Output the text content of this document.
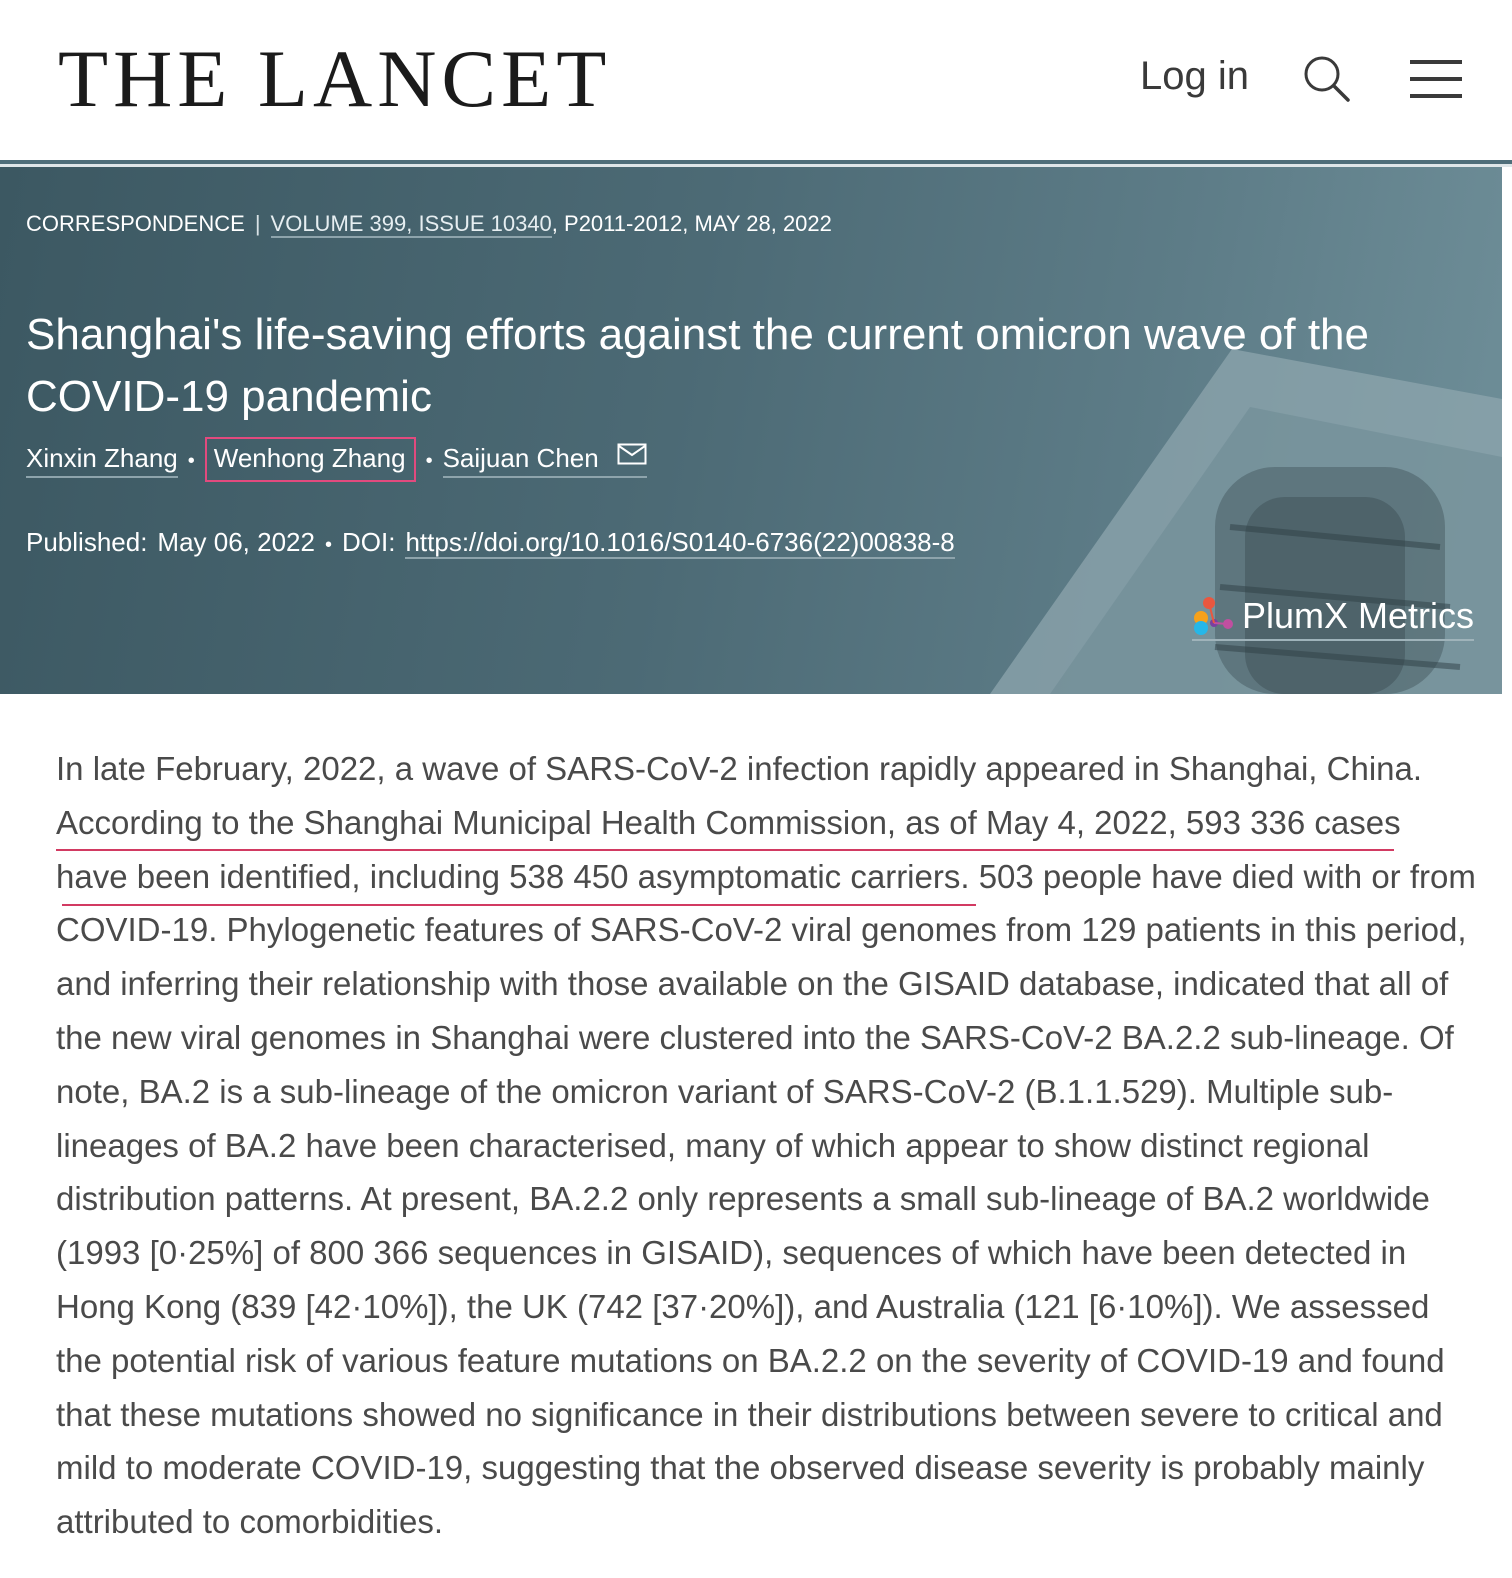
THE LANCET	Log in
CORRESPONDENCE | VOLUME 399, ISSUE 10340, P2011-2012, MAY 28, 2022
Shanghai's life-saving efforts against the current omicron wave of the COVID-19 pandemic
Xinxin Zhang • Wenhong Zhang • Saijuan Chen
Published: May 06, 2022 • DOI: https://doi.org/10.1016/S0140-6736(22)00838-8
PlumX Metrics

In late February, 2022, a wave of SARS-CoV-2 infection rapidly appeared in Shanghai, China. According to the Shanghai Municipal Health Commission, as of May 4, 2022, 593 336 cases have been identified, including 538 450 asymptomatic carriers. 503 people have died with or from COVID-19. Phylogenetic features of SARS-CoV-2 viral genomes from 129 patients in this period, and inferring their relationship with those available on the GISAID database, indicated that all of the new viral genomes in Shanghai were clustered into the SARS-CoV-2 BA.2.2 sub-lineage. Of note, BA.2 is a sub-lineage of the omicron variant of SARS-CoV-2 (B.1.1.529). Multiple sub-lineages of BA.2 have been characterised, many of which appear to show distinct regional distribution patterns. At present, BA.2.2 only represents a small sub-lineage of BA.2 worldwide (1993 [0·25%] of 800 366 sequences in GISAID), sequences of which have been detected in Hong Kong (839 [42·10%]), the UK (742 [37·20%]), and Australia (121 [6·10%]). We assessed the potential risk of various feature mutations on BA.2.2 on the severity of COVID-19 and found that these mutations showed no significance in their distributions between severe to critical and mild to moderate COVID-19, suggesting that the observed disease severity is probably mainly attributed to comorbidities.
